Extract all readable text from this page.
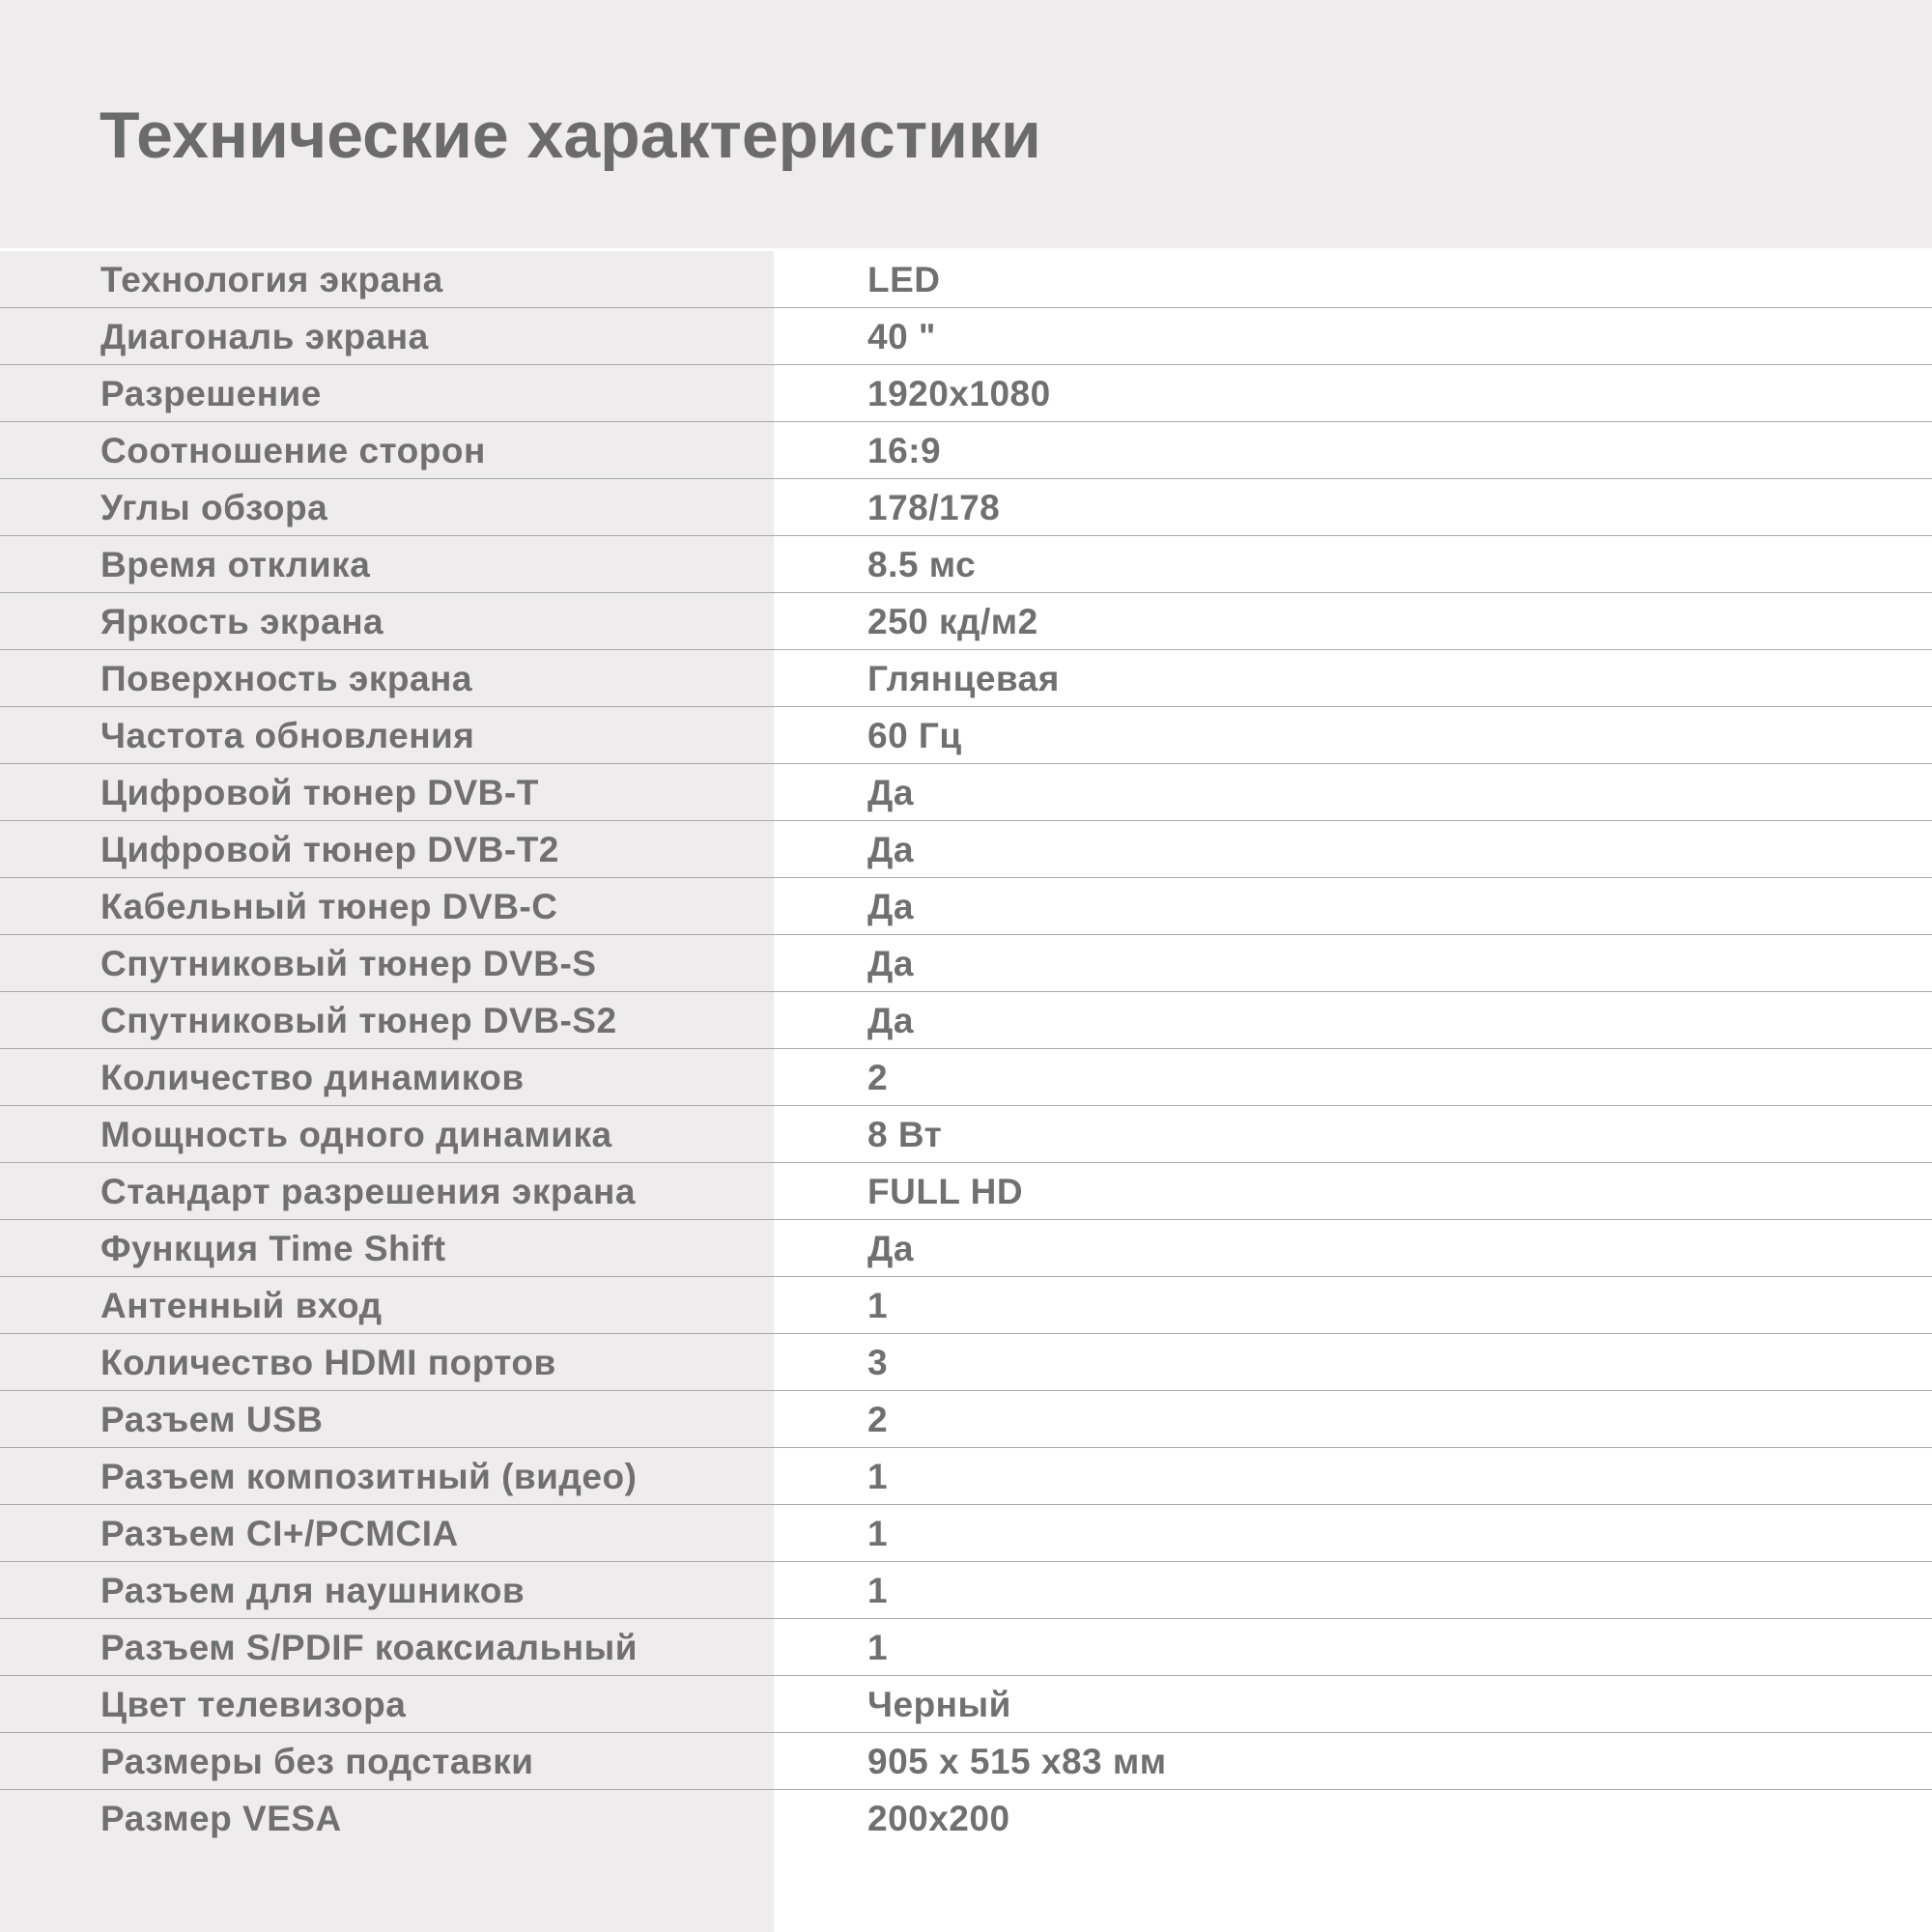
Технические характеристики
Технология экрана	LED
Диагональ экрана	40 "
Разрешение	1920x1080
Соотношение сторон	16:9
Углы обзора	178/178
Время отклика	8.5 мс
Яркость экрана	250 кд/м2
Поверхность экрана	Глянцевая
Частота обновления	60 Гц
Цифровой тюнер DVB-T	Да
Цифровой тюнер DVB-T2	Да
Кабельный тюнер DVB-C	Да
Спутниковый тюнер DVB-S	Да
Спутниковый тюнер DVB-S2	Да
Количество динамиков	2
Мощность одного динамика	8 Вт
Стандарт разрешения экрана	FULL HD
Функция Time Shift	Да
Антенный вход	1
Количество HDMI портов	3
Разъем USB	2
Разъем композитный (видео)	1
Разъем CI+/PCMCIA	1
Разъем для наушников	1
Разъем S/PDIF коаксиальный	1
Цвет телевизора	Черный
Размеры без подставки	905 x 515 x83 мм
Размер VESA	200x200
